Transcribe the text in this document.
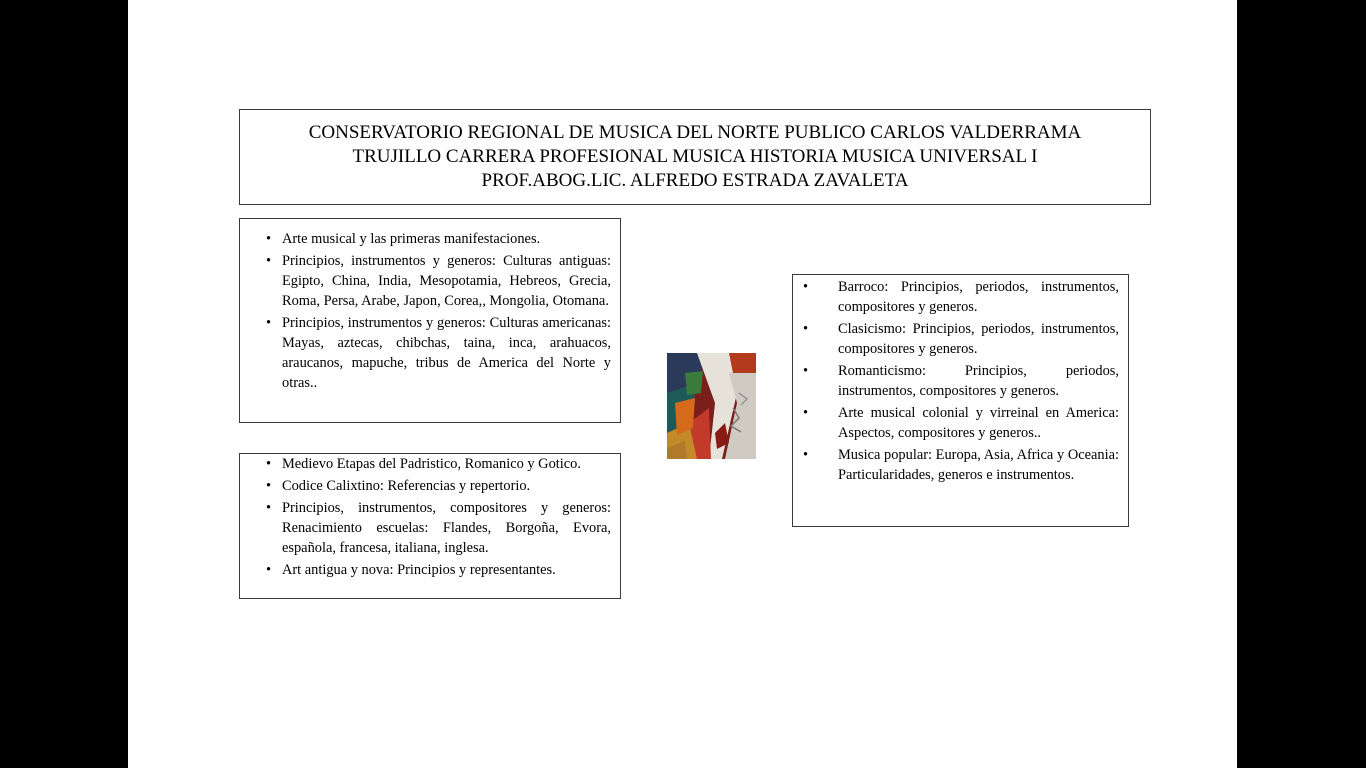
CONSERVATORIO REGIONAL DE MUSICA DEL NORTE PUBLICO CARLOS VALDERRAMA
TRUJILLO CARRERA PROFESIONAL MUSICA HISTORIA MUSICA UNIVERSAL I
PROF.ABOG.LIC. ALFREDO ESTRADA ZAVALETA
• Arte musical y las primeras manifestaciones.
• Principios, instrumentos y generos: Culturas antiguas: Egipto, China, India, Mesopotamia, Hebreos, Grecia, Roma, Persa, Arabe, Japon, Corea,, Mongolia, Otomana.
• Principios, instrumentos y generos: Culturas americanas: Mayas, aztecas, chibchas, taina, inca, arahuacos, araucanos, mapuche, tribus de America del Norte y otras..
• Medievo Etapas del Padristico, Romanico y Gotico.
• Codice Calixtino: Referencias y repertorio.
• Principios, instrumentos, compositores y generos: Renacimiento escuelas: Flandes, Borgoña, Evora, española, francesa, italiana, inglesa.
• Art antigua y nova: Principios y representantes.
• Barroco: Principios, periodos, instrumentos, compositores y generos.
• Clasicismo: Principios, periodos, instrumentos, compositores y generos.
• Romanticismo: Principios, periodos, instrumentos, compositores y generos.
• Arte musical colonial y virreinal en America: Aspectos, compositores y generos..
• Musica popular: Europa, Asia, Africa y Oceania: Particularidades, generos e instrumentos.
